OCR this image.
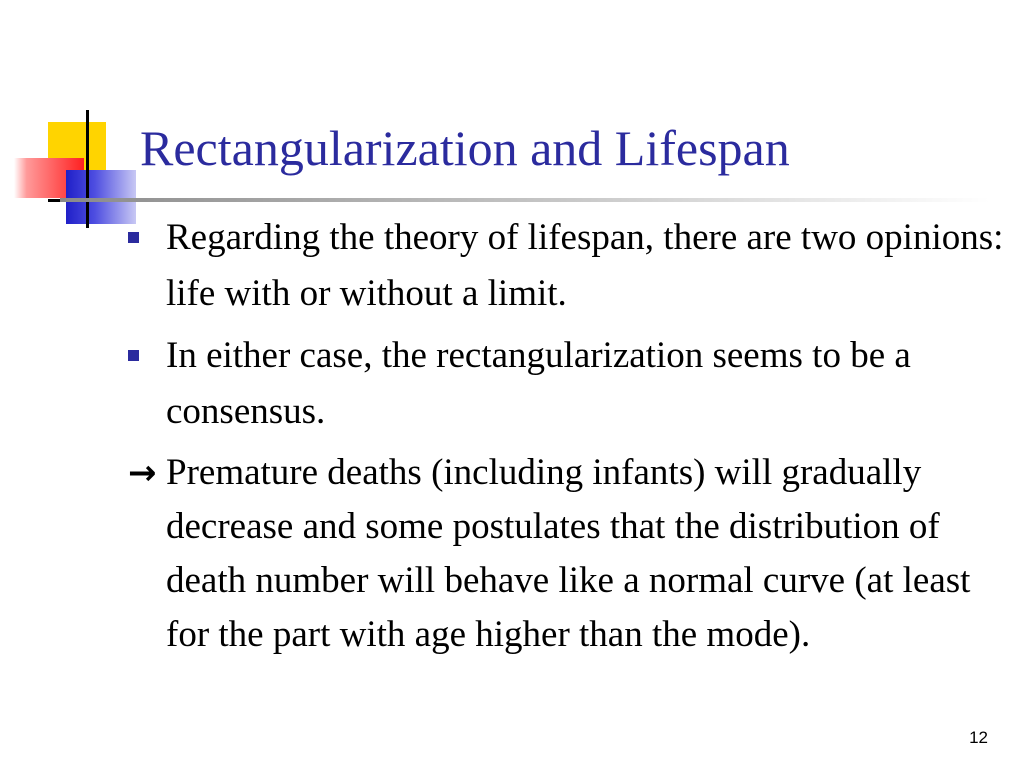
Rectangularization and Lifespan
Regarding the theory of lifespan, there are two opinions: life with or without a limit.
In either case, the rectangularization seems to be a consensus.
→ Premature deaths (including infants) will gradually decrease and some postulates that the distribution of death number will behave like a normal curve (at least for the part with age higher than the mode).
12
